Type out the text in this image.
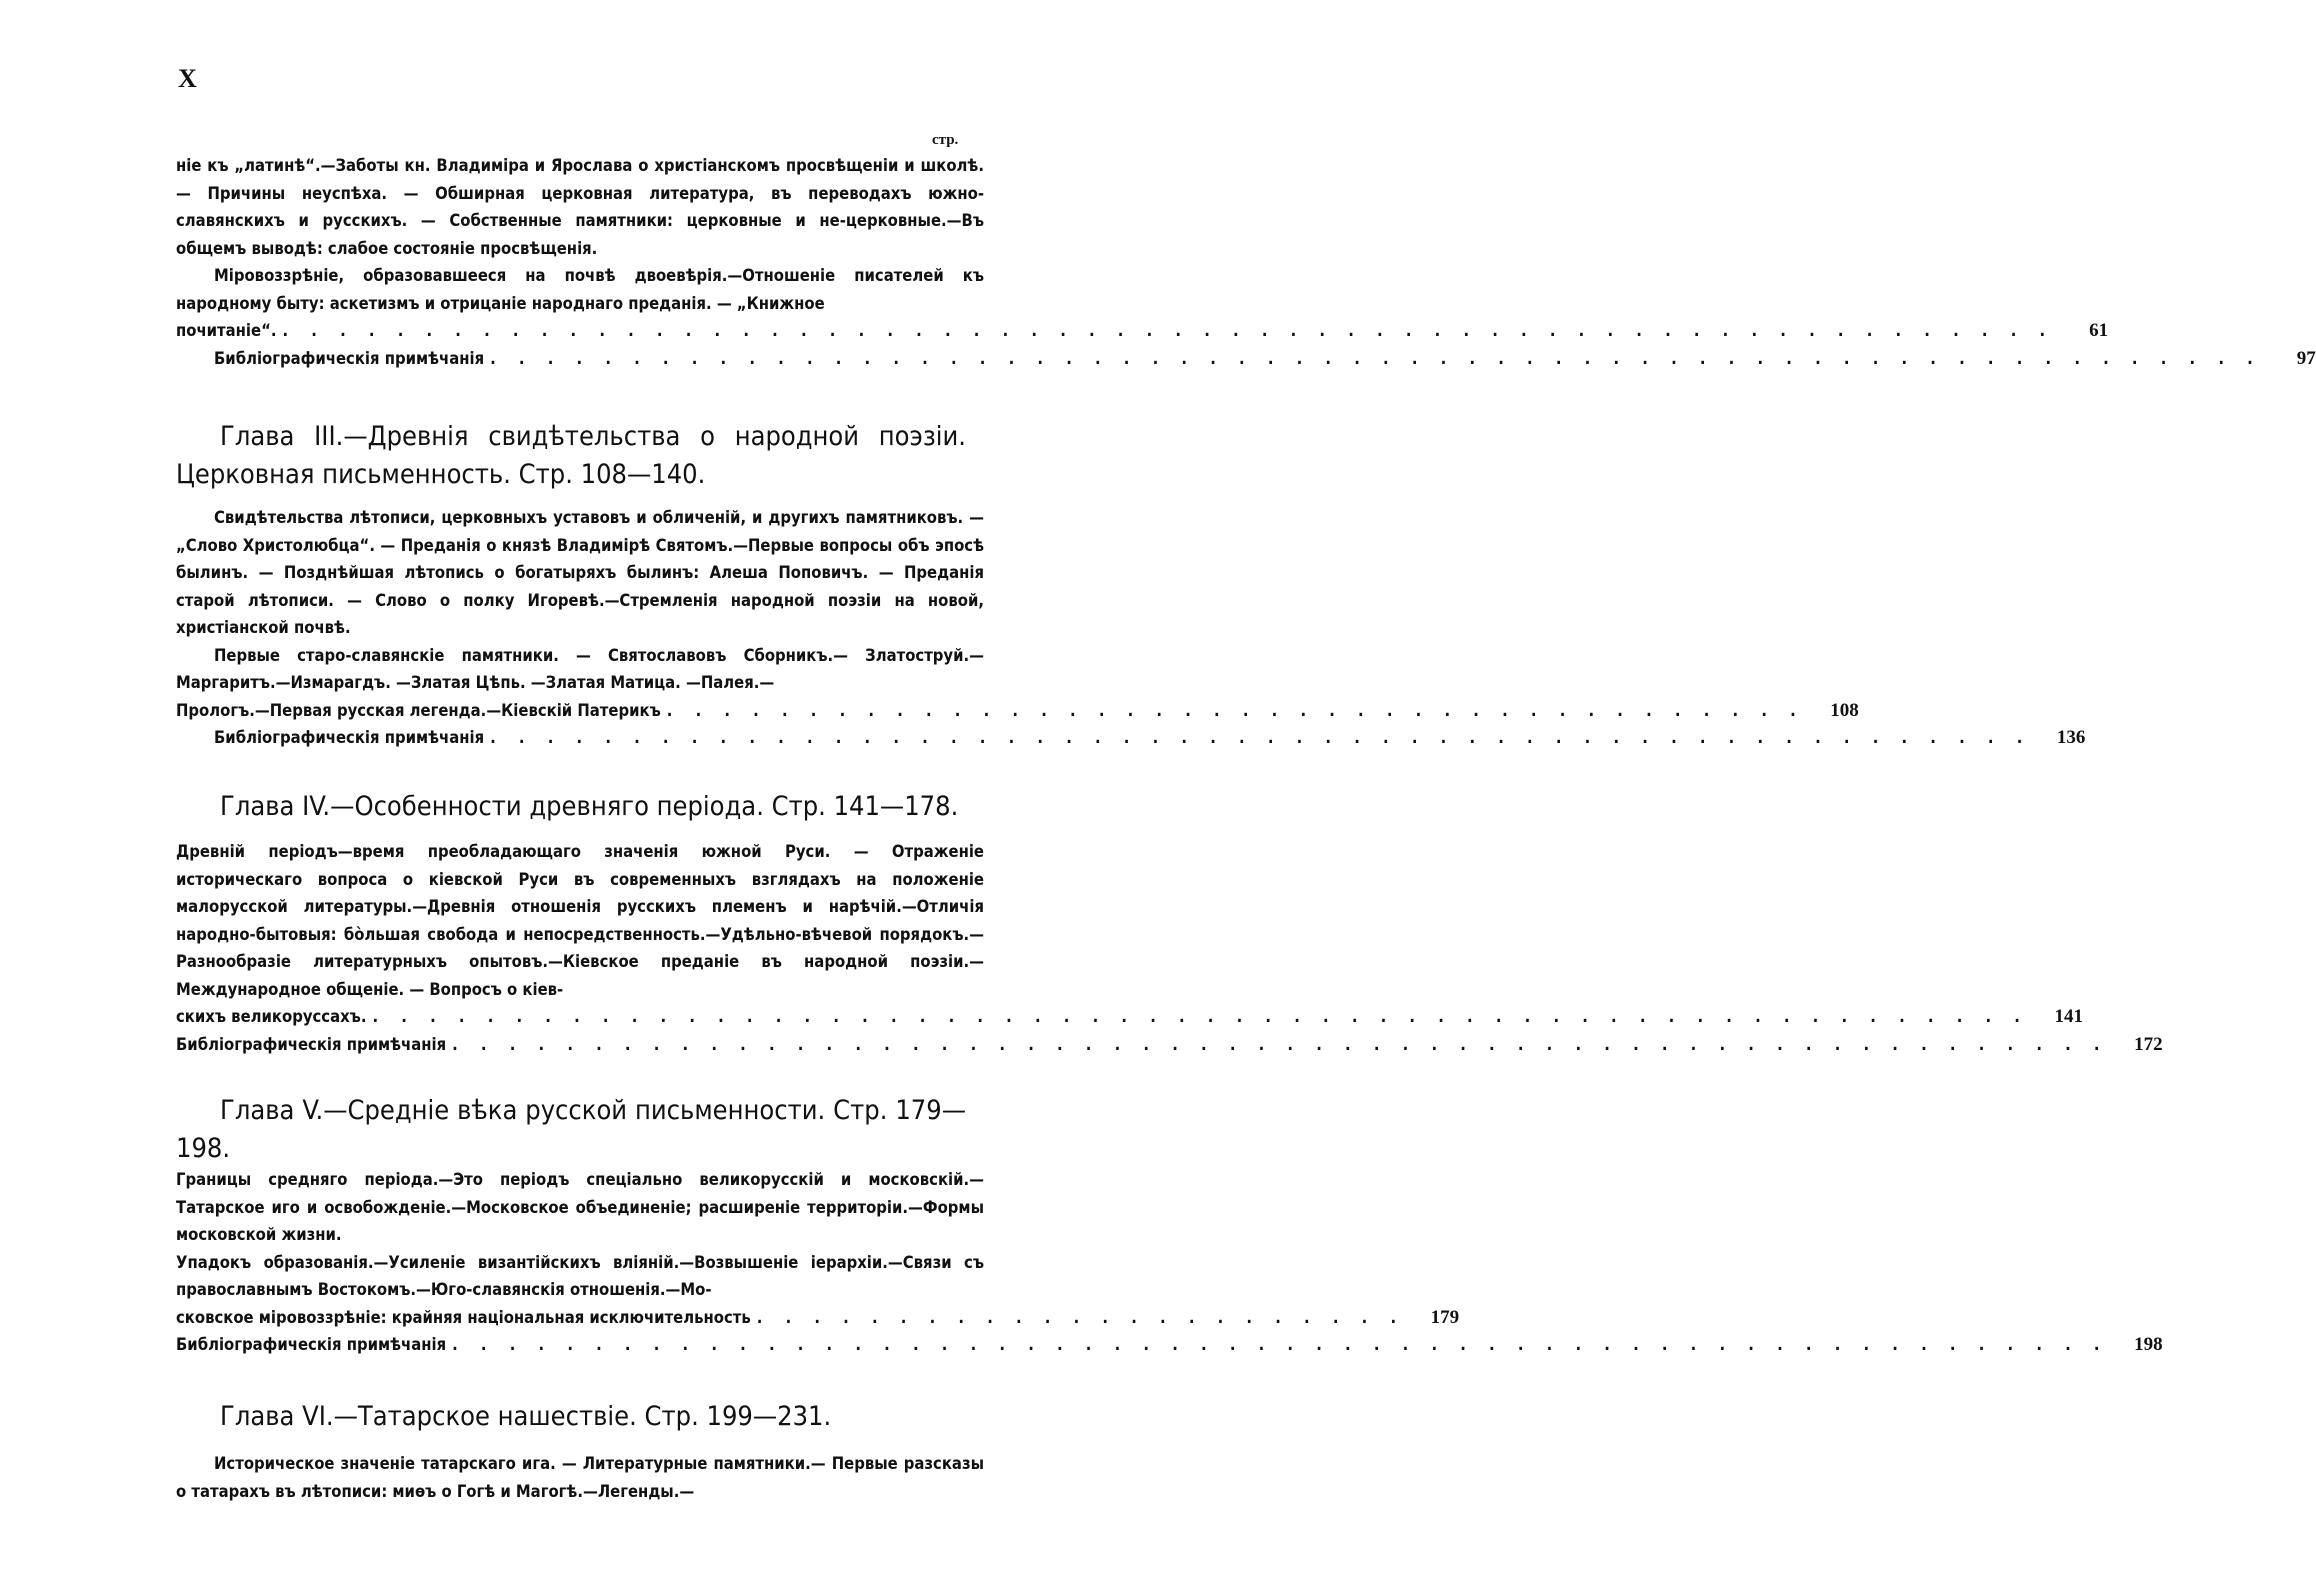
X
стр.

ніе къ „латинѣ“.—Заботы кн. Владиміра и Ярослава о христіанскомъ просвѣщеніи и школѣ.— Причины неуспѣха. — Обширная церковная литература, въ переводахъ южно-славянскихъ и русскихъ. — Собственные памятники: церковные и не-церковные.—Въ общемъ выводѣ: слабое состояніе просвѣщенія.

Міровоззрѣніе, образовавшееся на почвѣ двоевѣрія.—Отношеніе писателей къ народному быту: аскетизмъ и отрицаніе народнаго преданія. — „Книжное

почитаніе“. . . . . . . . . . . . . . . . . . . . . . . . . . . . . . . . . . . . . . . . . . . . . . . . . . . . . . . . . . . . . . .	61
Библіографическія примѣчанія . . . . . . . . . . . . . . . . . . . . . . . . . . . . . . . . . . . . . . . . . . . . . . . . . . . . . . . . . . . . . .	97
Глава III.—Древнія свидѣтельства о народной поэзіи. Церковная письменность. Стр. 108—140.

Свидѣтельства лѣтописи, церковныхъ уставовъ и обличеній, и другихъ памятниковъ. — „Слово Христолюбца“. — Преданія о князѣ Владимірѣ Святомъ.—Первые вопросы объ эпосѣ былинъ. — Позднѣйшая лѣтопись о богатыряхъ былинъ: Алеша Поповичъ. — Преданія старой лѣтописи. — Слово о полку Игоревѣ.—Стремленія народной поэзіи на новой, христіанской почвѣ.

Первые старо-славянскіе памятники. — Святославовъ Сборникъ.— Златоструй.—Маргаритъ.—Измарагдъ. —Златая Цѣпь. —Златая Матица. —Палея.—

Прологъ.—Первая русская легенда.—Кіевскій Патерикъ . . . . . . . . . . . . . . . . . . . . . . . . . . . . . . . . . . . . . . . .	108
Библіографическія примѣчанія . . . . . . . . . . . . . . . . . . . . . . . . . . . . . . . . . . . . . . . . . . . . . . . . . . . . . .	136
Глава IV.—Особенности древняго періода. Стр. 141—178.

Древній періодъ—время преобладающаго значенія южной Руси. — Отраженіе историческаго вопроса о кіевской Руси въ современныхъ взглядахъ на положеніе малорусской литературы.—Древнія отношенія русскихъ племенъ и нарѣчій.—Отличія народно-бытовыя: бòльшая свобода и непосредственность.—Удѣльно-вѣчевой порядокъ.—Разнообразіе литературныхъ опытовъ.—Кіевское преданіе въ народной поэзіи.— Международное общеніе. — Вопросъ о кіев-

скихъ великоруссахъ. . . . . . . . . . . . . . . . . . . . . . . . . . . . . . . . . . . . . . . . . . . . . . . . . . . . . . . . . . .	141
Библіографическія примѣчанія . . . . . . . . . . . . . . . . . . . . . . . . . . . . . . . . . . . . . . . . . . . . . . . . . . . . . . . . . .	172
Глава V.—Средніе вѣка русской письменности. Стр. 179—198.

Границы средняго періода.—Это періодъ спеціально великорусскій и московскій.—Татарское иго и освобожденіе.—Московское объединеніе; расширеніе территоріи.—Формы московской жизни.

Упадокъ образованія.—Усиленіе византійскихъ вліяній.—Возвышеніе іерархіи.—Связи съ православнымъ Востокомъ.—Юго-славянскія отношенія.—Мо-

сковское міровоззрѣніе: крайняя національная исключительность . . . . . . . . . . . . . . . . . . . . . . .	179
Библіографическія примѣчанія . . . . . . . . . . . . . . . . . . . . . . . . . . . . . . . . . . . . . . . . . . . . . . . . . . . . . . . . . .	198
Глава VI.—Татарское нашествіе. Стр. 199—231.

Историческое значеніе татарскаго ига. — Литературные памятники.— Первые разсказы о татарахъ въ лѣтописи: миѳъ о Гогѣ и Магогѣ.—Легенды.—
